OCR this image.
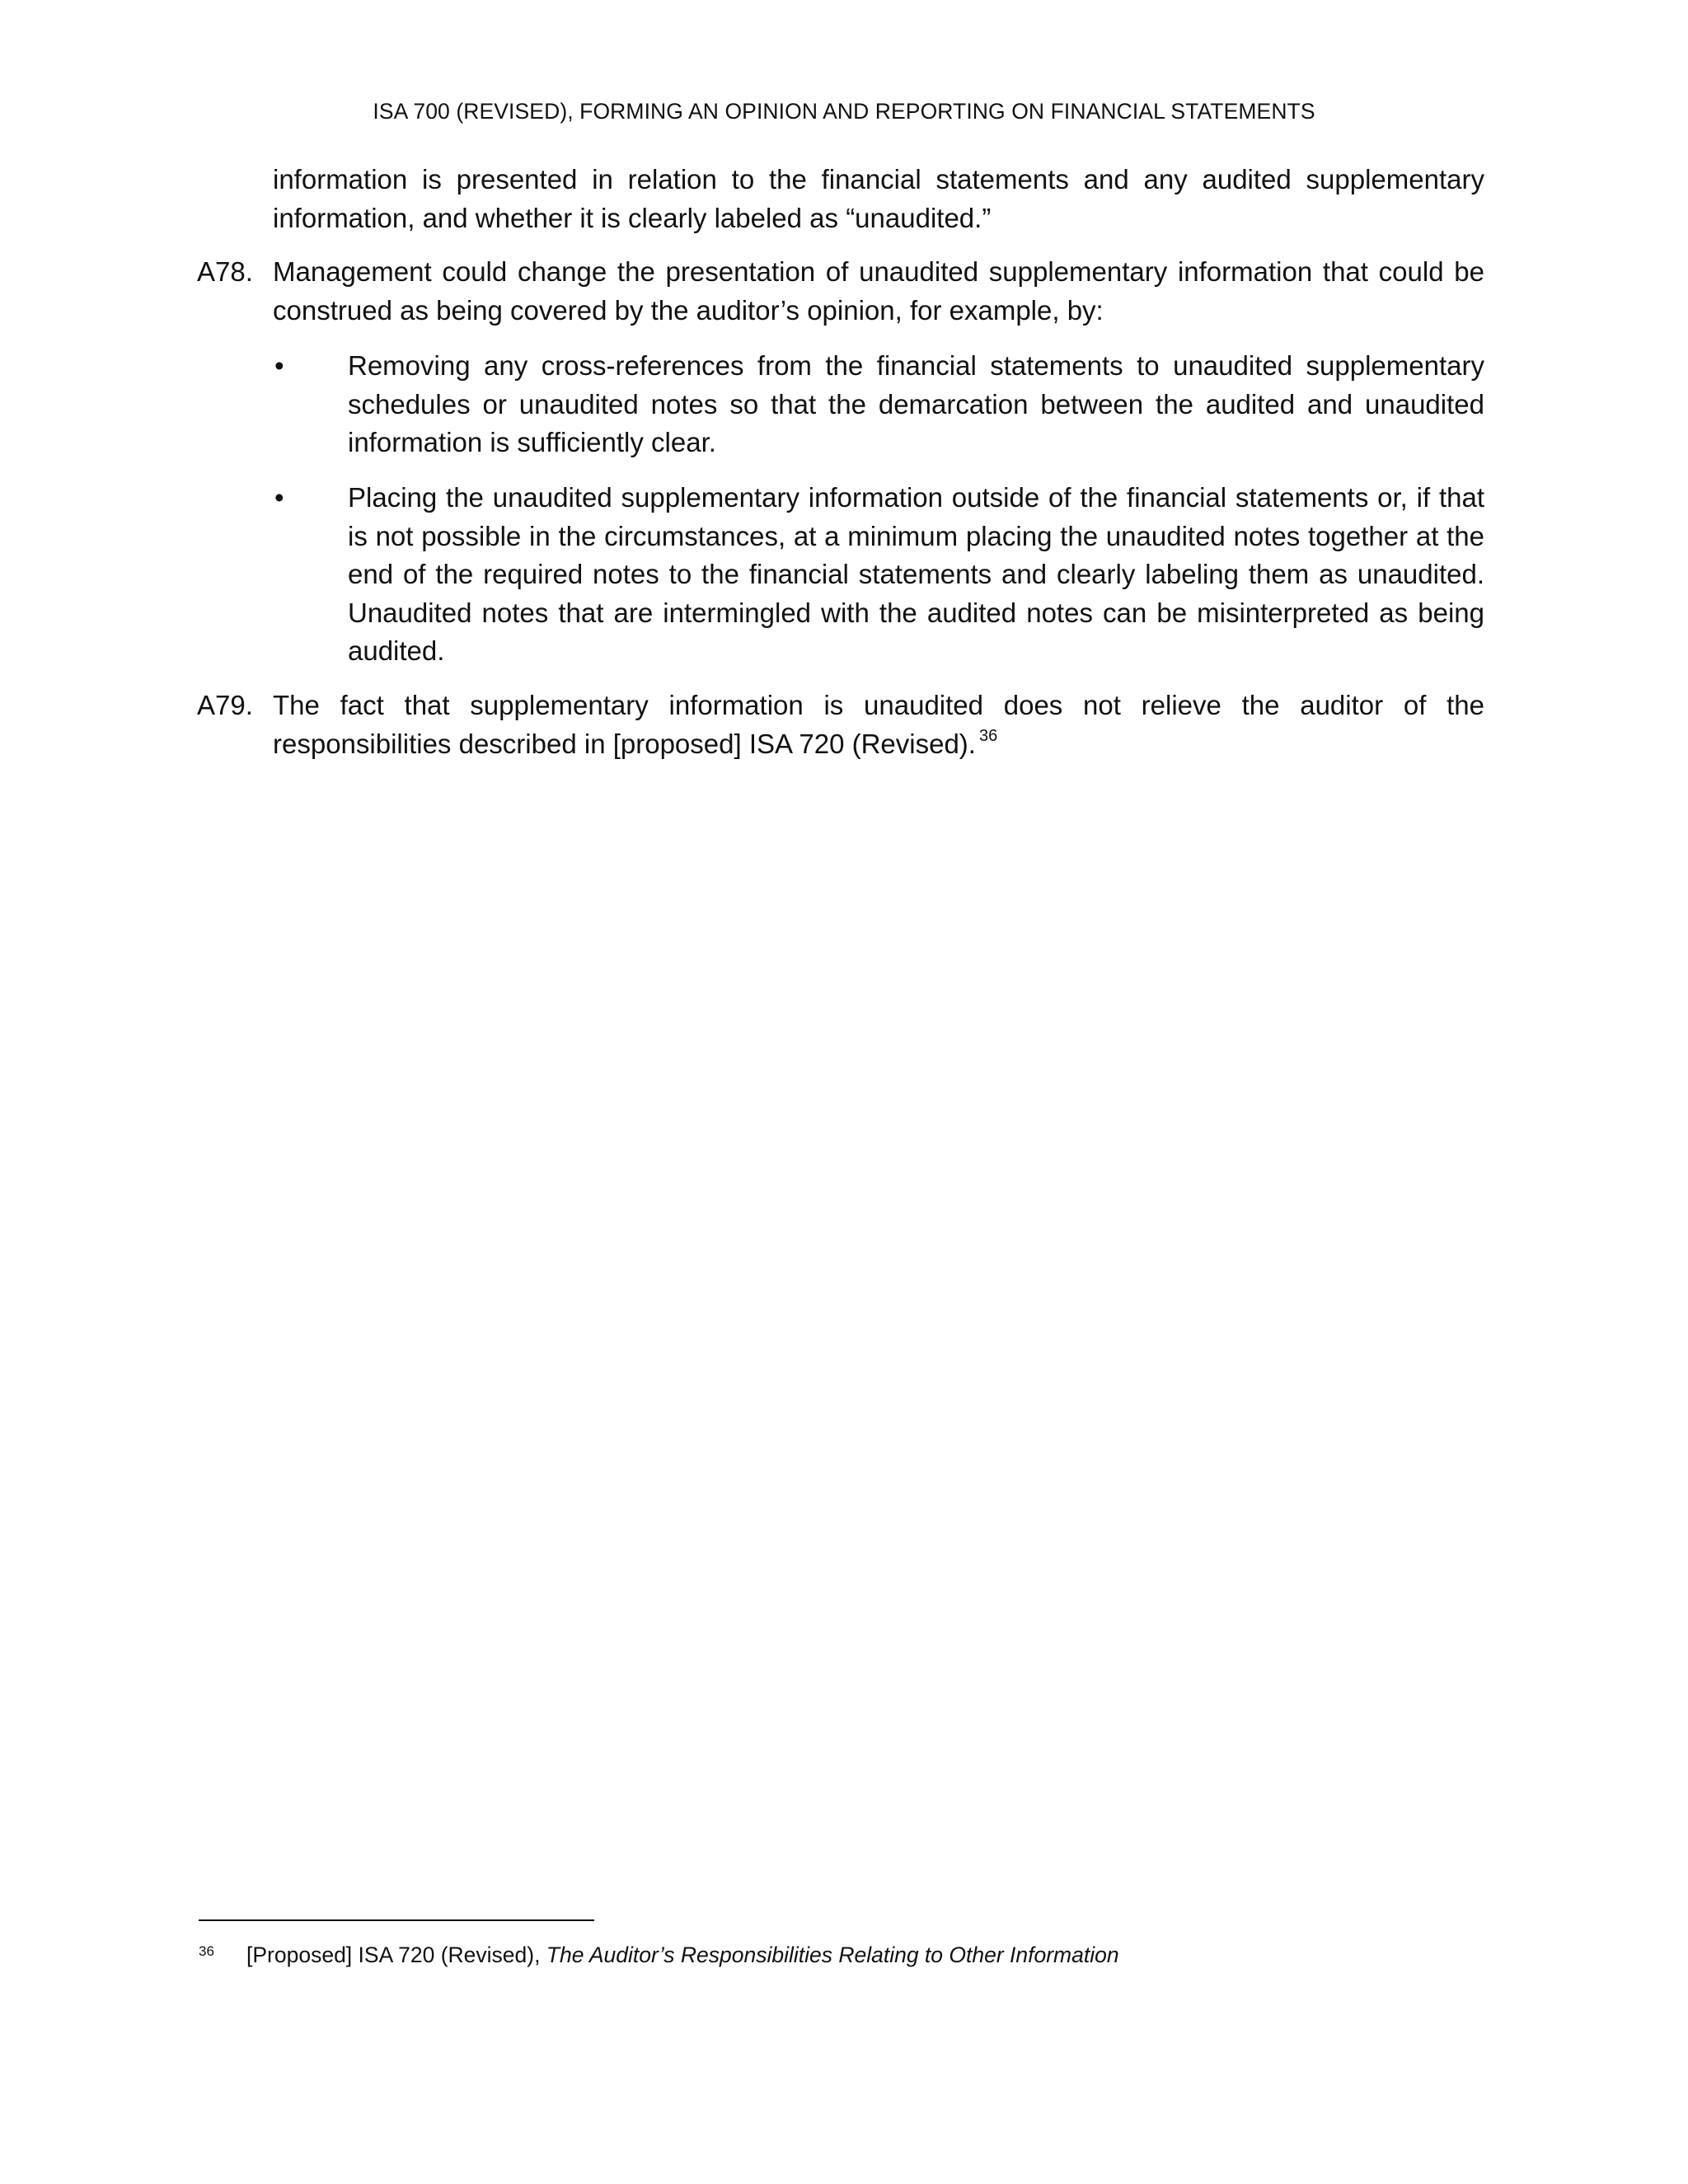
ISA 700 (REVISED), FORMING AN OPINION AND REPORTING ON FINANCIAL STATEMENTS
information is presented in relation to the financial statements and any audited supplementary information, and whether it is clearly labeled as “unaudited.”
A78. Management could change the presentation of unaudited supplementary information that could be construed as being covered by the auditor’s opinion, for example, by:
• Removing any cross-references from the financial statements to unaudited supplementary schedules or unaudited notes so that the demarcation between the audited and unaudited information is sufficiently clear.
• Placing the unaudited supplementary information outside of the financial statements or, if that is not possible in the circumstances, at a minimum placing the unaudited notes together at the end of the required notes to the financial statements and clearly labeling them as unaudited. Unaudited notes that are intermingled with the audited notes can be misinterpreted as being audited.
A79. The fact that supplementary information is unaudited does not relieve the auditor of the responsibilities described in [proposed] ISA 720 (Revised). $^{36}$
36 [Proposed] ISA 720 (Revised), The Auditor’s Responsibilities Relating to Other Information
